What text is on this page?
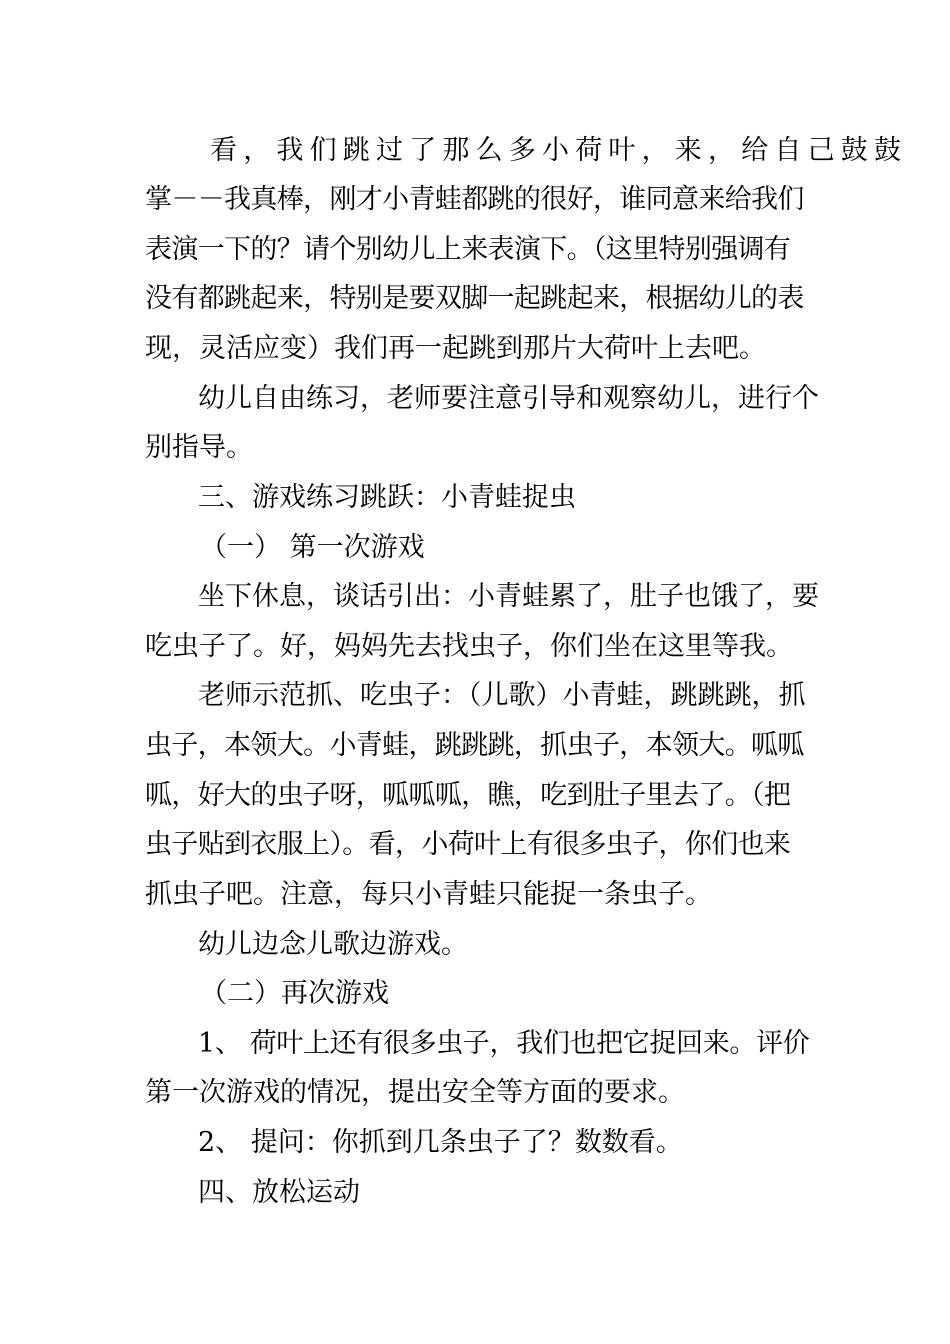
看，我们跳过了那么多小荷叶，来，给自己鼓鼓

掌－－我真棒，刚才小青蛙都跳的很好，谁同意来给我们

表演一下的？请个别幼儿上来表演下。（这里特别强调有

没有都跳起来，特别是要双脚一起跳起来，根据幼儿的表

现，灵活应变）我们再一起跳到那片大荷叶上去吧。

幼儿自由练习，老师要注意引导和观察幼儿，进行个

别指导。

三、游戏练习跳跃：小青蛙捉虫

（一） 第一次游戏

坐下休息，谈话引出：小青蛙累了，肚子也饿了，要

吃虫子了。好，妈妈先去找虫子，你们坐在这里等我。

老师示范抓、吃虫子：（儿歌）小青蛙，跳跳跳，抓

虫子，本领大。小青蛙，跳跳跳，抓虫子，本领大。呱呱

呱，好大的虫子呀，呱呱呱，瞧，吃到肚子里去了。（把

虫子贴到衣服上）。看，小荷叶上有很多虫子，你们也来

抓虫子吧。注意，每只小青蛙只能捉一条虫子。

幼儿边念儿歌边游戏。

（二）再次游戏

1、 荷叶上还有很多虫子，我们也把它捉回来。评价

第一次游戏的情况，提出安全等方面的要求。

2、 提问：你抓到几条虫子了？数数看。

四、放松运动
